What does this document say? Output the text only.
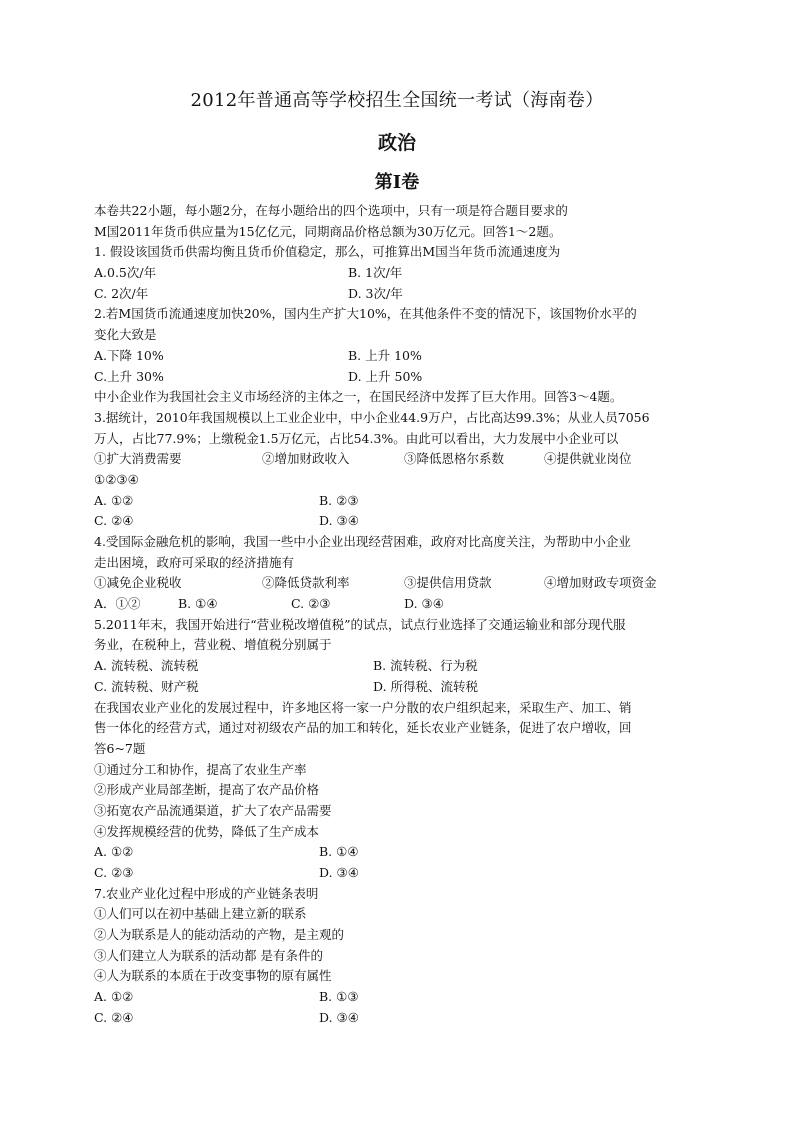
2012年普通高等学校招生全国统一考试（海南卷）
政治
第Ⅰ卷
本卷共22小题，每小题2分，在每小题给出的四个选项中，只有一项是符合题目要求的
M国2011年货币供应量为15亿亿元，同期商品价格总额为30万亿元。回答1～2题。
1. 假设该国货币供需均衡且货币价值稳定，那么，可推算出M国当年货币流通速度为
A.0.5次/年	B. 1次/年
C. 2次/年	D. 3次/年
2.若M国货币流通速度加快20%，国内生产扩大10%，在其他条件不变的情况下，该国物价水平的
变化大致是
A.下降 10%	B. 上升 10%
C.上升 30%	D. 上升 50%
中小企业作为我国社会主义市场经济的主体之一，在国民经济中发挥了巨大作用。回答3～4题。
3.据统计，2010年我国规模以上工业企业中，中小企业44.9万户，占比高达99.3%；从业人员7056
万人，占比77.9%；上缴税金1.5万亿元，占比54.3%。由此可以看出，大力发展中小企业可以
①扩大消费需要	②增加财政收入	③降低恩格尔系数	④提供就业岗位
①②③④
A. ①②	B. ②③
C. ②④	D. ③④
4.受国际金融危机的影响，我国一些中小企业出现经营困难，政府对比高度关注，为帮助中小企业
走出困境，政府可采取的经济措施有
①减免企业税收	②降低贷款利率	③提供信用贷款	④增加财政专项资金
A．①②	B. ①④	C. ②③	D. ③④
5.2011年末，我国开始进行“营业税改增值税”的试点，试点行业选择了交通运输业和部分现代服
务业，在税种上，营业税、增值税分别属于
A. 流转税、流转税	B. 流转税、行为税
C. 流转税、财产税	D. 所得税、流转税
在我国农业产业化的发展过程中，许多地区将一家一户分散的农户组织起来，采取生产、加工、销
售一体化的经营方式，通过对初级农产品的加工和转化，延长农业产业链条，促进了农户增收，回
答6~7题
①通过分工和协作，提高了农业生产率
②形成产业局部垄断，提高了农产品价格
③拓宽农产品流通渠道，扩大了农产品需要
④发挥规模经营的优势，降低了生产成本
A. ①②	B. ①④
C. ②③	D. ③④
7.农业产业化过程中形成的产业链条表明
①人们可以在初中基础上建立新的联系
②人为联系是人的能动活动的产物，是主观的
③人们建立人为联系的活动都 是有条件的
④人为联系的本质在于改变事物的原有属性
A. ①②	B. ①③
C. ②④	D. ③④
